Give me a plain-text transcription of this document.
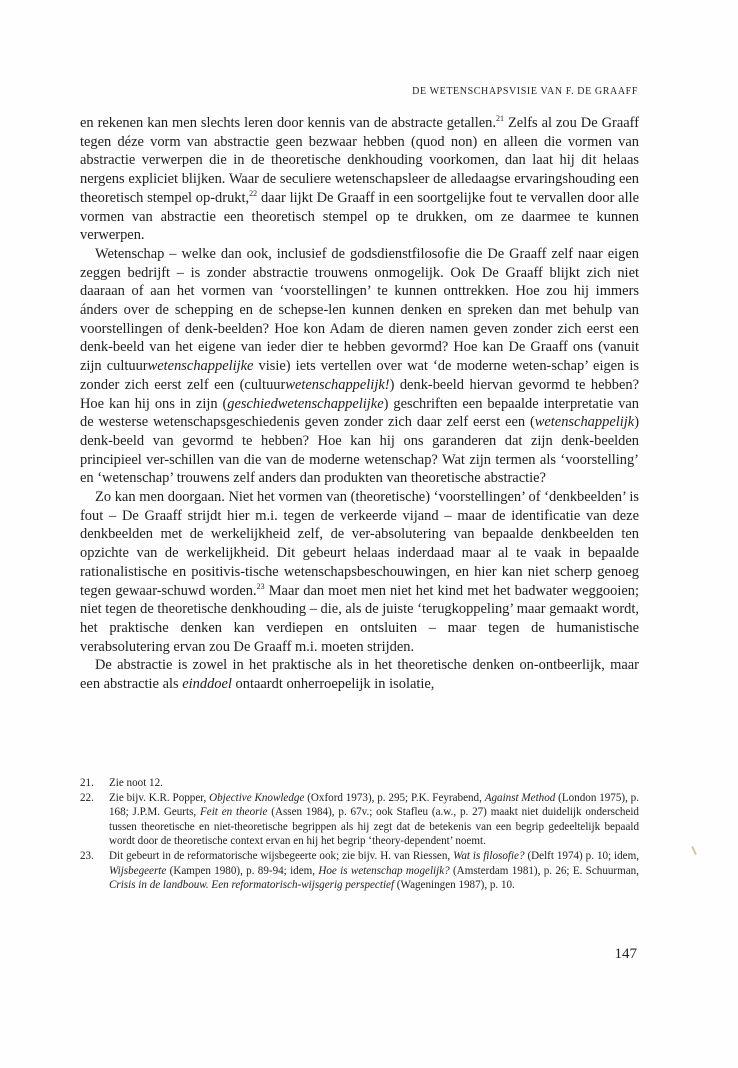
DE WETENSCHAPSVISIE VAN F. DE GRAAFF

en rekenen kan men slechts leren door kennis van de abstracte getallen.$^{21}$ Zelfs al zou De Graaff tegen déze vorm van abstractie geen bezwaar hebben (quod non) en alleen die vormen van abstractie verwerpen die in de theoretische denkhouding voorkomen, dan laat hij dit helaas nergens expliciet blijken. Waar de seculiere wetenschapsleer de alledaagse ervaringshouding een theoretisch stempel op-drukt,$^{22}$ daar lijkt De Graaff in een soortgelijke fout te vervallen door alle vormen van abstractie een theoretisch stempel op te drukken, om ze daarmee te kunnen verwerpen.

Wetenschap – welke dan ook, inclusief de godsdienstfilosofie die De Graaff zelf naar eigen zeggen bedrijft – is zonder abstractie trouwens onmogelijk. Ook De Graaff blijkt zich niet daaraan of aan het vormen van ‘voorstellingen’ te kunnen onttrekken. Hoe zou hij immers ánders over de schepping en de schepse-len kunnen denken en spreken dan met behulp van voorstellingen of denk-beelden? Hoe kon Adam de dieren namen geven zonder zich eerst een denk-beeld van het eigene van ieder dier te hebben gevormd? Hoe kan De Graaff ons (vanuit zijn cultuurwetenschappelijke visie) iets vertellen over wat ‘de moderne weten-schap’ eigen is zonder zich eerst zelf een (cultuurwetenschappelijk!) denk-beeld hiervan gevormd te hebben? Hoe kan hij ons in zijn (geschiedwetenschappelijke) geschriften een bepaalde interpretatie van de westerse wetenschapsgeschiedenis geven zonder zich daar zelf eerst een (wetenschappelijk) denk-beeld van gevormd te hebben? Hoe kan hij ons garanderen dat zijn denk-beelden principieel ver-schillen van die van de moderne wetenschap? Wat zijn termen als ‘voorstelling’ en ‘wetenschap’ trouwens zelf anders dan produkten van theoretische abstractie?

Zo kan men doorgaan. Niet het vormen van (theoretische) ‘voorstellingen’ of ‘denkbeelden’ is fout – De Graaff strijdt hier m.i. tegen de verkeerde vijand – maar de identificatie van deze denkbeelden met de werkelijkheid zelf, de ver-absolutering van bepaalde denkbeelden ten opzichte van de werkelijkheid. Dit gebeurt helaas inderdaad maar al te vaak in bepaalde rationalistische en positivis-tische wetenschapsbeschouwingen, en hier kan niet scherp genoeg tegen gewaar-schuwd worden.$^{23}$ Maar dan moet men niet het kind met het badwater weggooien; niet tegen de theoretische denkhouding – die, als de juiste ‘terugkoppeling’ maar gemaakt wordt, het praktische denken kan verdiepen en ontsluiten – maar tegen de humanistische verabsolutering ervan zou De Graaff m.i. moeten strijden.

De abstractie is zowel in het praktische als in het theoretische denken on-ontbeerlijk, maar een abstractie als einddoel ontaardt onherroepelijk in isolatie,

21.	Zie noot 12.
22.	Zie bijv. K.R. Popper, Objective Knowledge (Oxford 1973), p. 295; P.K. Feyrabend, Against Method (London 1975), p. 168; J.P.M. Geurts, Feit en theorie (Assen 1984), p. 67v.; ook Stafleu (a.w., p. 27) maakt niet duidelijk onderscheid tussen theoretische en niet-theoretische begrippen als hij zegt dat de betekenis van een begrip gedeeltelijk bepaald wordt door de theoretische context ervan en hij het begrip ‘theory-dependent’ noemt.
23.	Dit gebeurt in de reformatorische wijsbegeerte ook; zie bijv. H. van Riessen, Wat is filosofie? (Delft 1974) p. 10; idem, Wijsbegeerte (Kampen 1980), p. 89-94; idem, Hoe is wetenschap mogelijk? (Amsterdam 1981), p. 26; E. Schuurman, Crisis in de landbouw. Een reformatorisch-wijsgerig perspectief (Wageningen 1987), p. 10.
147
